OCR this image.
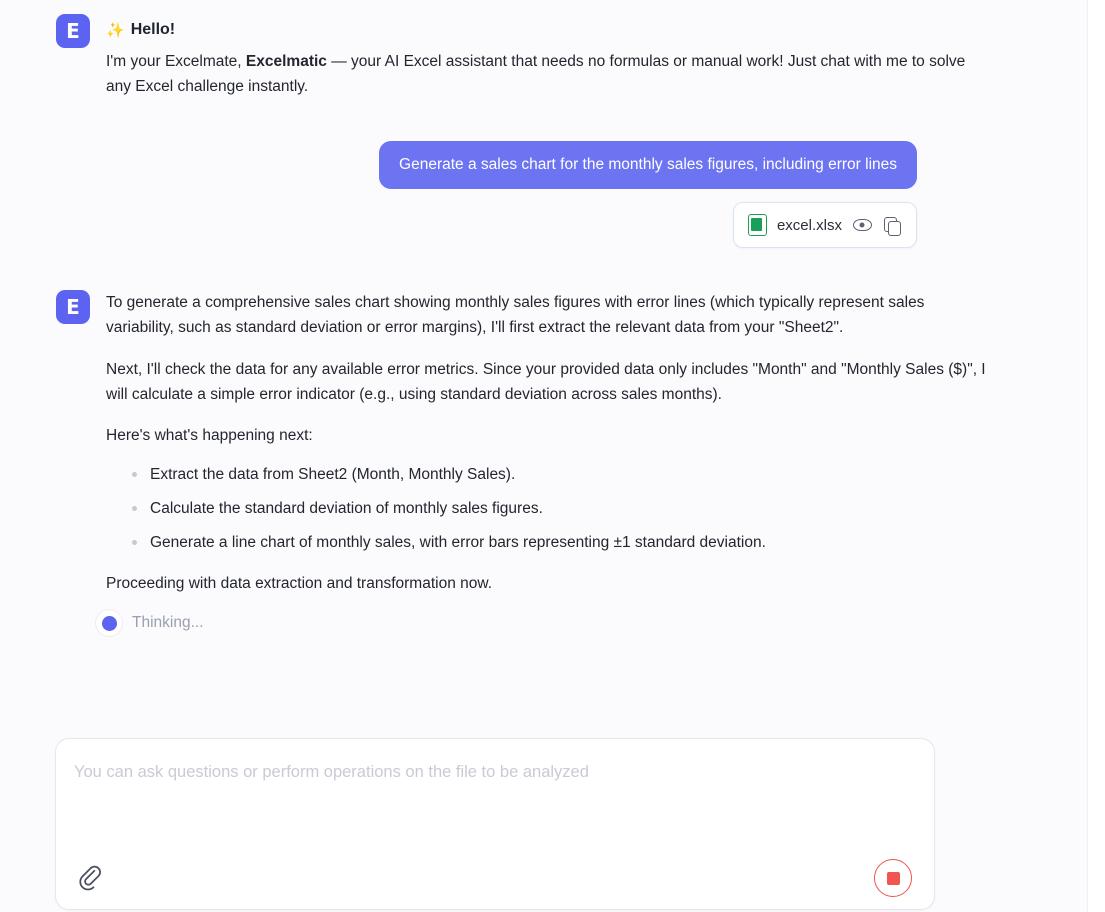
E	✨ Hello!

I'm your Excelmate, Excelmatic — your AI Excel assistant that needs no formulas or manual work! Just chat with me to solve any Excel challenge instantly.

Generate a sales chart for the monthly sales figures, including error lines
excel.xlsx
E	To generate a comprehensive sales chart showing monthly sales figures with error lines (which typically represent sales variability, such as standard deviation or error margins), I'll first extract the relevant data from your "Sheet2".

Next, I'll check the data for any available error metrics. Since your provided data only includes "Month" and "Monthly Sales ($)", I will calculate a simple error indicator (e.g., using standard deviation across sales months).

Here's what's happening next:

Extract the data from Sheet2 (Month, Monthly Sales).
Calculate the standard deviation of monthly sales figures.
Generate a line chart of monthly sales, with error bars representing ±1 standard deviation.

Proceeding with data extraction and transformation now.

Thinking...
You can ask questions or perform operations on the file to be analyzed
